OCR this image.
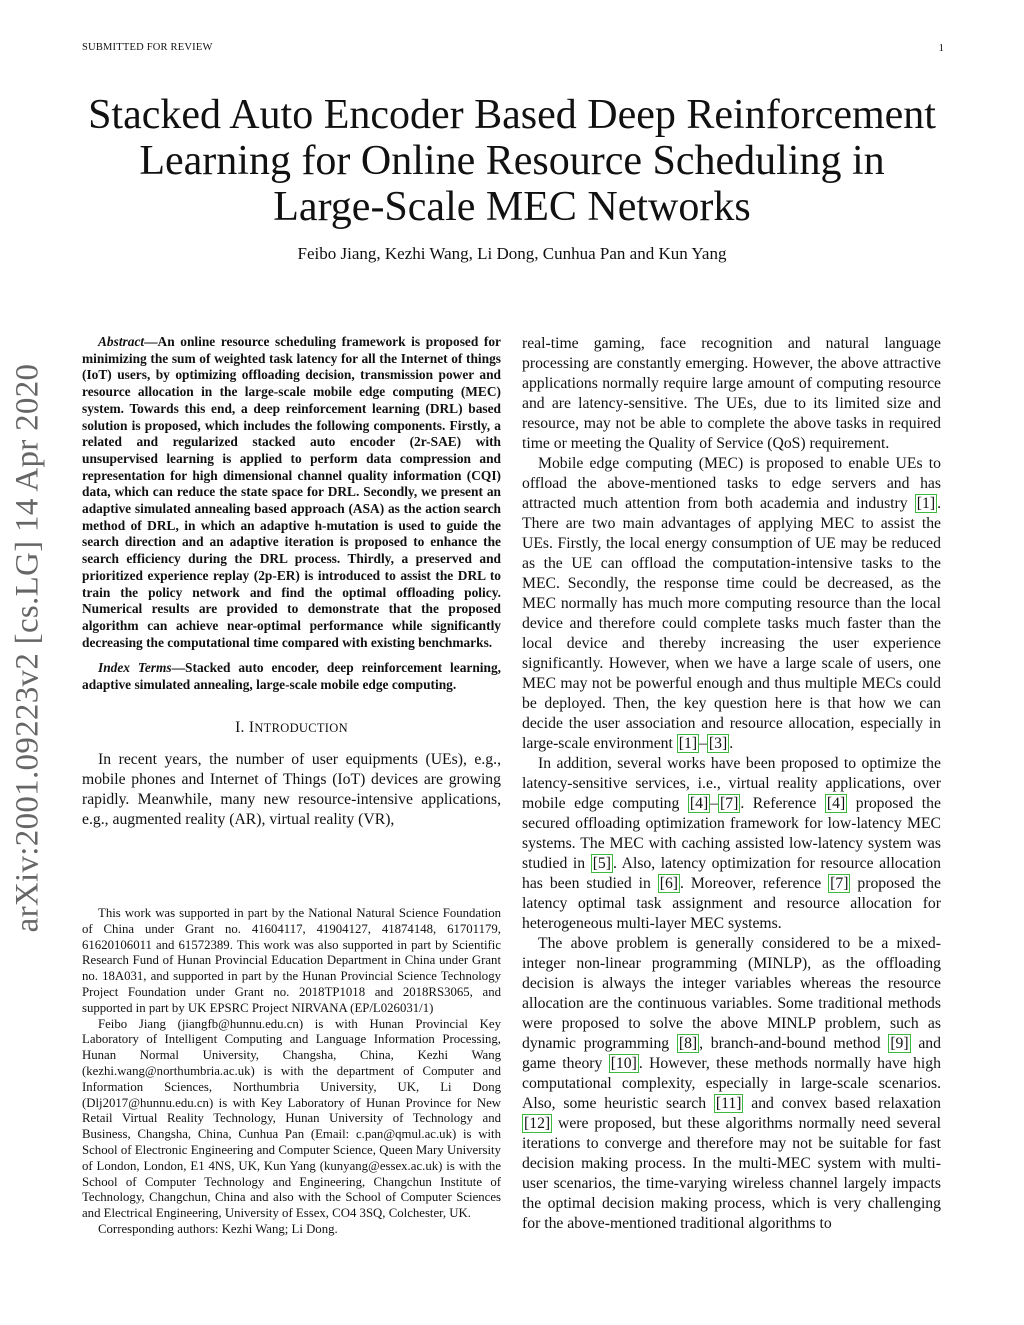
SUBMITTED FOR REVIEW	1
arXiv:2001.09223v2 [cs.LG] 14 Apr 2020
Stacked Auto Encoder Based Deep Reinforcement
Learning for Online Resource Scheduling in
Large-Scale MEC Networks
Feibo Jiang, Kezhi Wang, Li Dong, Cunhua Pan and Kun Yang

Abstract—An online resource scheduling framework is proposed for minimizing the sum of weighted task latency for all the Internet of things (IoT) users, by optimizing offloading decision, transmission power and resource allocation in the large-scale mobile edge computing (MEC) system. Towards this end, a deep reinforcement learning (DRL) based solution is proposed, which includes the following components. Firstly, a related and regularized stacked auto encoder (2r-SAE) with unsupervised learning is applied to perform data compression and representation for high dimensional channel quality information (CQI) data, which can reduce the state space for DRL. Secondly, we present an adaptive simulated annealing based approach (ASA) as the action search method of DRL, in which an adaptive h-mutation is used to guide the search direction and an adaptive iteration is proposed to enhance the search efficiency during the DRL process. Thirdly, a preserved and prioritized experience replay (2p-ER) is introduced to assist the DRL to train the policy network and find the optimal offloading policy. Numerical results are provided to demonstrate that the proposed algorithm can achieve near-optimal performance while significantly decreasing the computational time compared with existing benchmarks.

Index Terms—Stacked auto encoder, deep reinforcement learning, adaptive simulated annealing, large-scale mobile edge computing.

I. INTRODUCTION

In recent years, the number of user equipments (UEs), e.g., mobile phones and Internet of Things (IoT) devices are growing rapidly. Meanwhile, many new resource-intensive applications, e.g., augmented reality (AR), virtual reality (VR),

This work was supported in part by the National Natural Science Foundation of China under Grant no. 41604117, 41904127, 41874148, 61701179, 61620106011 and 61572389. This work was also supported in part by Scientific Research Fund of Hunan Provincial Education Department in China under Grant no. 18A031, and supported in part by the Hunan Provincial Science Technology Project Foundation under Grant no. 2018TP1018 and 2018RS3065, and supported in part by UK EPSRC Project NIRVANA (EP/L026031/1)

Feibo Jiang (jiangfb@hunnu.edu.cn) is with Hunan Provincial Key Laboratory of Intelligent Computing and Language Information Processing, Hunan Normal University, Changsha, China, Kezhi Wang (kezhi.wang@northumbria.ac.uk) is with the department of Computer and Information Sciences, Northumbria University, UK, Li Dong (Dlj2017@hunnu.edu.cn) is with Key Laboratory of Hunan Province for New Retail Virtual Reality Technology, Hunan University of Technology and Business, Changsha, China, Cunhua Pan (Email: c.pan@qmul.ac.uk) is with School of Electronic Engineering and Computer Science, Queen Mary University of London, London, E1 4NS, UK, Kun Yang (kunyang@essex.ac.uk) is with the School of Computer Technology and Engineering, Changchun Institute of Technology, Changchun, China and also with the School of Computer Sciences and Electrical Engineering, University of Essex, CO4 3SQ, Colchester, UK.

Corresponding authors: Kezhi Wang; Li Dong.

real-time gaming, face recognition and natural language processing are constantly emerging. However, the above attractive applications normally require large amount of computing resource and are latency-sensitive. The UEs, due to its limited size and resource, may not be able to complete the above tasks in required time or meeting the Quality of Service (QoS) requirement.

Mobile edge computing (MEC) is proposed to enable UEs to offload the above-mentioned tasks to edge servers and has attracted much attention from both academia and industry [1] . There are two main advantages of applying MEC to assist the UEs. Firstly, the local energy consumption of UE may be reduced as the UE can offload the computation-intensive tasks to the MEC. Secondly, the response time could be decreased, as the MEC normally has much more computing resource than the local device and therefore could complete tasks much faster than the local device and thereby increasing the user experience significantly. However, when we have a large scale of users, one MEC may not be powerful enough and thus multiple MECs could be deployed. Then, the key question here is that how we can decide the user association and resource allocation, especially in large-scale environment [1] – [3] .

In addition, several works have been proposed to optimize the latency-sensitive services, i.e., virtual reality applications, over mobile edge computing [4] – [7] . Reference [4] proposed the secured offloading optimization framework for low-latency MEC systems. The MEC with caching assisted low-latency system was studied in [5] . Also, latency optimization for resource allocation has been studied in [6] . Moreover, reference [7] proposed the latency optimal task assignment and resource allocation for heterogeneous multi-layer MEC systems.

The above problem is generally considered to be a mixed-integer non-linear programming (MINLP), as the offloading decision is always the integer variables whereas the resource allocation are the continuous variables. Some traditional methods were proposed to solve the above MINLP problem, such as dynamic programming [8] , branch-and-bound method [9] and game theory [10] . However, these methods normally have high computational complexity, especially in large-scale scenarios. Also, some heuristic search [11] and convex based relaxation [12] were proposed, but these algorithms normally need several iterations to converge and therefore may not be suitable for fast decision making process. In the multi-MEC system with multi-user scenarios, the time-varying wireless channel largely impacts the optimal decision making process, which is very challenging for the above-mentioned traditional algorithms to
